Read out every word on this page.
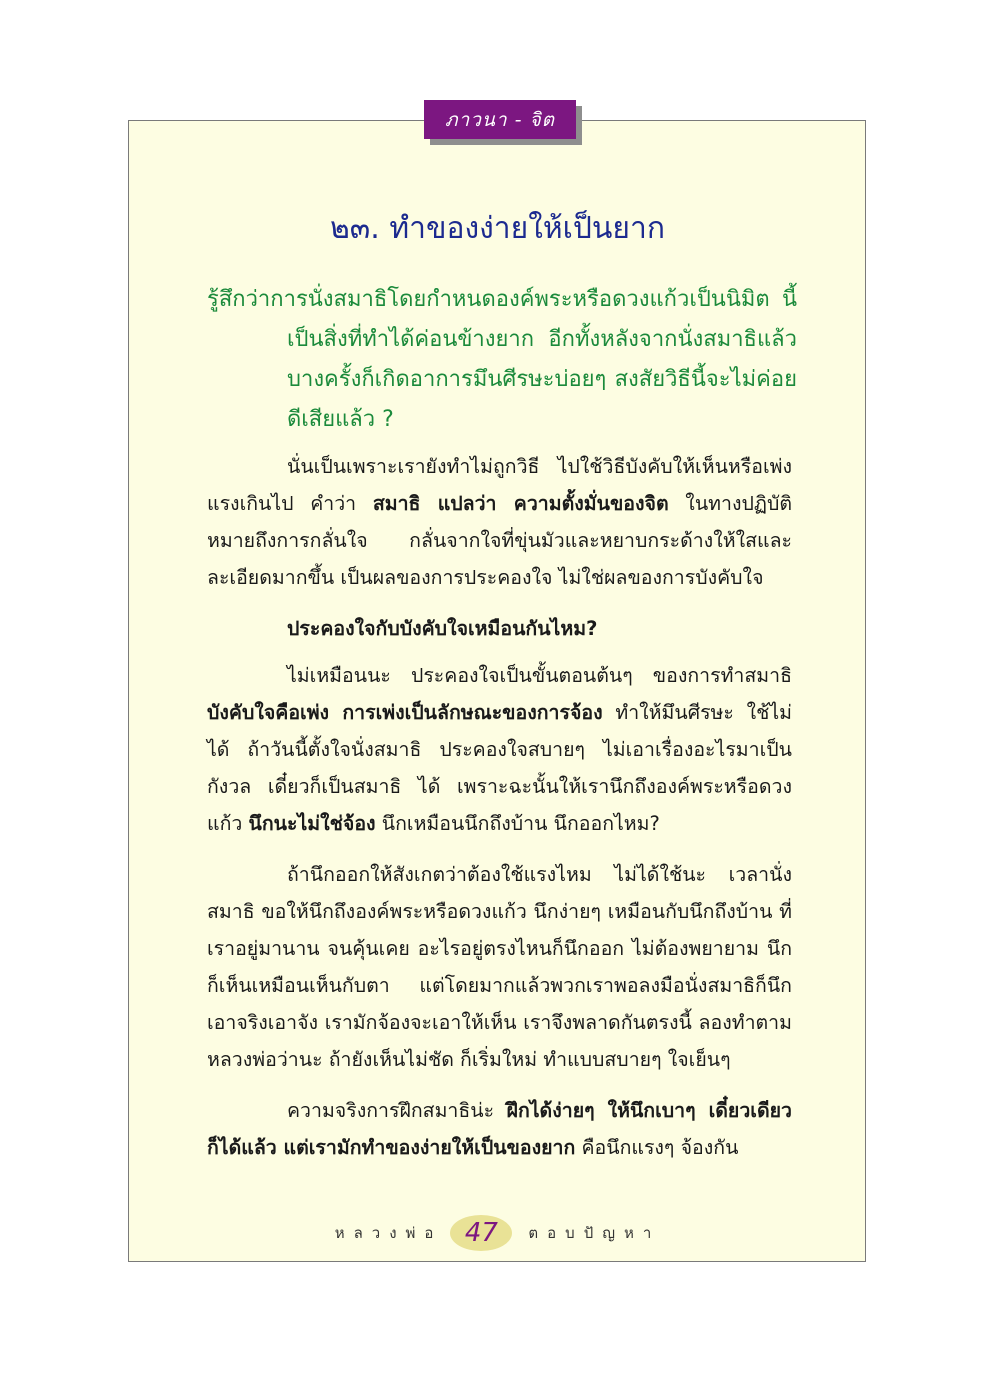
ภาวนา - จิต
๒๓. ทำของง่ายให้เป็นยาก

รู้สึกว่าการนั่งสมาธิโดยกำหนดองค์พระหรือดวงแก้วเป็นนิมิต นี้เป็นสิ่งที่ทำได้ค่อนข้างยาก อีกทั้งหลังจากนั่งสมาธิแล้ว บางครั้งก็เกิดอาการมึนศีรษะบ่อยๆ สงสัยวิธีนี้จะไม่ค่อยดีเสียแล้ว ?

นั่นเป็นเพราะเรายังทำไม่ถูกวิธี ไปใช้วิธีบังคับให้เห็นหรือเพ่งแรงเกินไป คำว่า สมาธิ แปลว่า ความตั้งมั่นของจิต ในทางปฏิบัติ หมายถึงการกลั่นใจ กลั่นจากใจที่ขุ่นมัวและหยาบกระด้างให้ใสและละเอียดมากขึ้น เป็นผลของการประคองใจ ไม่ใช่ผลของการบังคับใจ

ประคองใจกับบังคับใจเหมือนกันไหม?

ไม่เหมือนนะ ประคองใจเป็นขั้นตอนต้นๆ ของการทำสมาธิ บังคับใจคือเพ่ง การเพ่งเป็นลักษณะของการจ้อง ทำให้มึนศีรษะ ใช้ไม่ได้ ถ้าวันนี้ตั้งใจนั่งสมาธิ ประคองใจสบายๆ ไม่เอาเรื่องอะไรมาเป็นกังวล เดี๋ยวก็เป็นสมาธิ ได้ เพราะฉะนั้นให้เรานึกถึงองค์พระหรือดวงแก้ว นึกนะไม่ใช่จ้อง นึกเหมือนนึกถึงบ้าน นึกออกไหม?

ถ้านึกออกให้สังเกตว่าต้องใช้แรงไหม ไม่ได้ใช้นะ เวลานั่งสมาธิ ขอให้นึกถึงองค์พระหรือดวงแก้ว นึกง่ายๆ เหมือนกับนึกถึงบ้าน ที่เราอยู่มานาน จนคุ้นเคย อะไรอยู่ตรงไหนก็นึกออก ไม่ต้องพยายาม นึกก็เห็นเหมือนเห็นกับตา แต่โดยมากแล้วพวกเราพอลงมือนั่งสมาธิก็นึกเอาจริงเอาจัง เรามักจ้องจะเอาให้เห็น เราจึงพลาดกันตรงนี้ ลองทำตามหลวงพ่อว่านะ ถ้ายังเห็นไม่ชัด ก็เริ่มใหม่ ทำแบบสบายๆ ใจเย็นๆ

ความจริงการฝึกสมาธิน่ะ ฝึกได้ง่ายๆ ให้นึกเบาๆ เดี๋ยวเดียวก็ได้แล้ว แต่เรามักทำของง่ายให้เป็นของยาก คือนึกแรงๆ จ้องกัน

หลวงพ่อ 47	ตอบปัญหา
